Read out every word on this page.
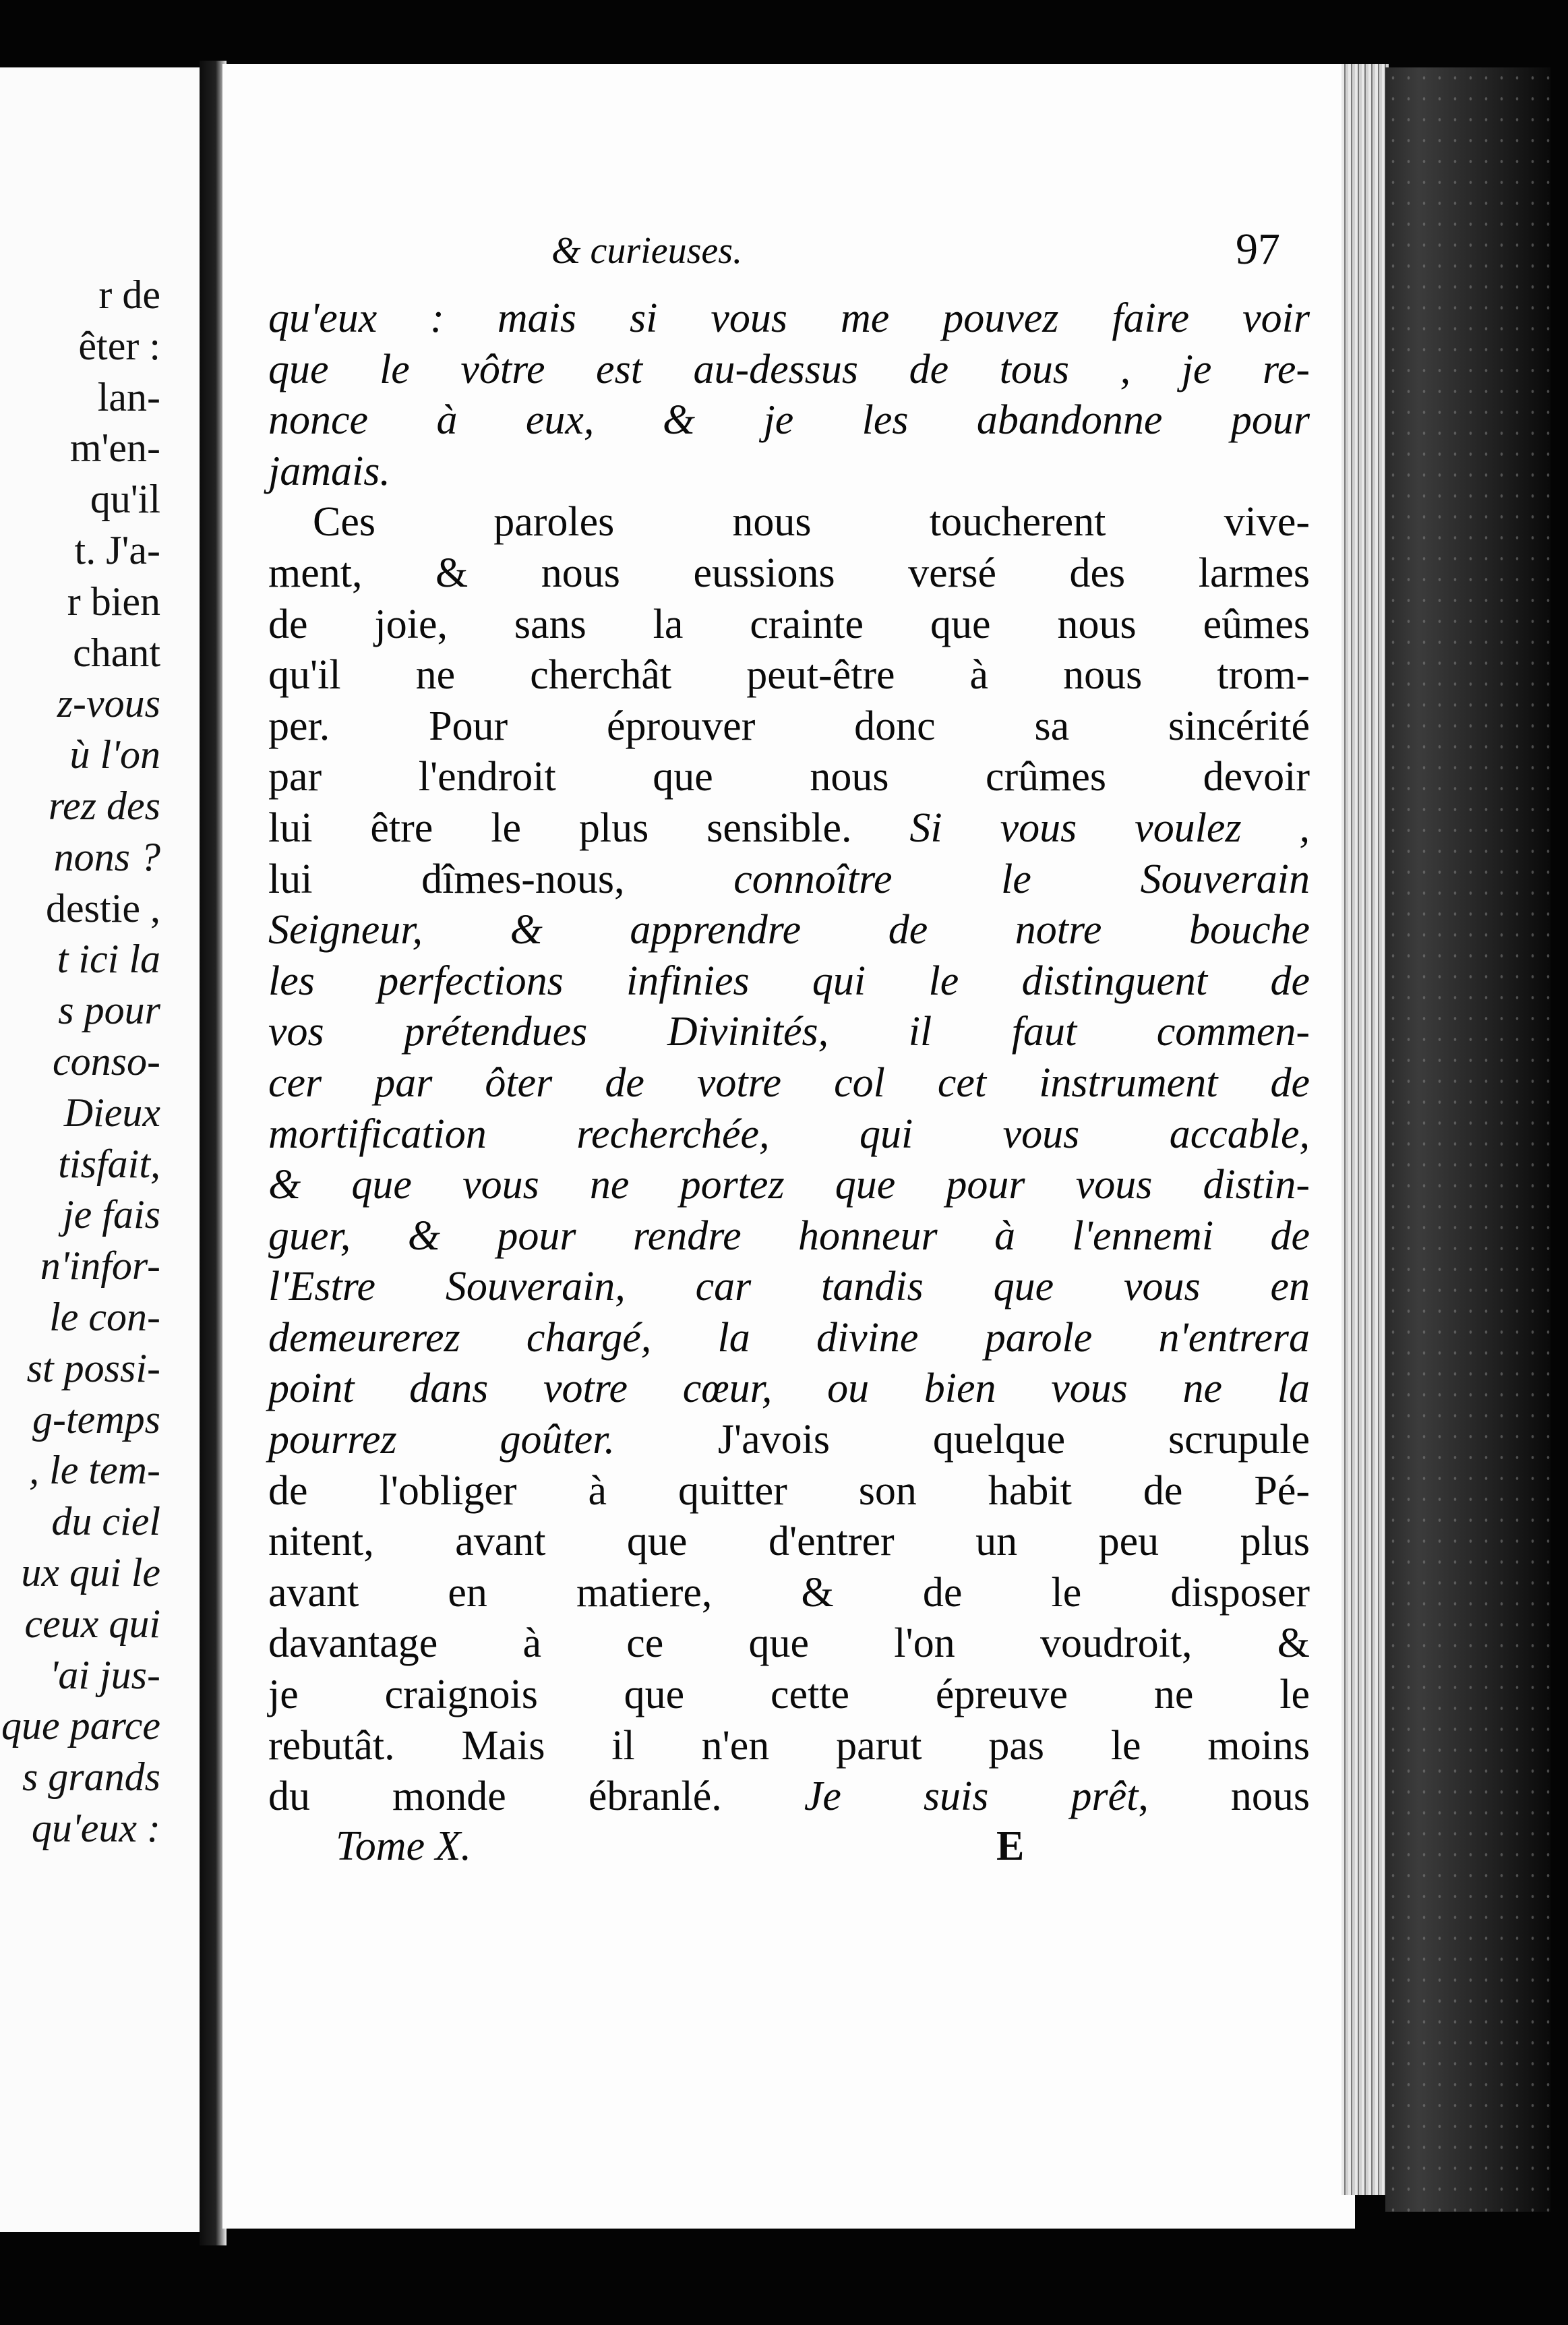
r de
êter :
lan-
m'en-
qu'il
t. J'a-
r bien
chant
z-vous
ù l'on
rez des
nons ?
destie ,
t ici la
s pour
conso-
Dieux
tisfait,
je fais
n'infor-
le con-
st possi-
g-temps
, le tem-
du ciel
ux qui le
ceux qui
'ai jus-
que parce
s grands
qu'eux :
& curieuses.	97
qu'eux : mais si vous me pouvez faire voir
que le vôtre est au-dessus de tous , je re-
nonce à eux, & je les abandonne pour
jamais.
Ces paroles nous toucherent vive-
ment, & nous eussions versé des larmes
de joie, sans la crainte que nous eûmes
qu'il ne cherchât peut-être à nous trom-
per. Pour éprouver donc sa sincérité
par l'endroit que nous crûmes devoir
lui être le plus sensible. Si vous voulez ,
lui dîmes-nous, connoître le Souverain
Seigneur, & apprendre de notre bouche
les perfections infinies qui le distinguent de
vos prétendues Divinités, il faut commen-
cer par ôter de votre col cet instrument de
mortification recherchée, qui vous accable,
& que vous ne portez que pour vous distin-
guer, & pour rendre honneur à l'ennemi de
l'Estre Souverain, car tandis que vous en
demeurerez chargé, la divine parole n'entrera
point dans votre cœur, ou bien vous ne la
pourrez goûter. J'avois quelque scrupule
de l'obliger à quitter son habit de Pé-
nitent, avant que d'entrer un peu plus
avant en matiere, & de le disposer
davantage à ce que l'on voudroit, &
je craignois que cette épreuve ne le
rebutât. Mais il n'en parut pas le moins
du monde ébranlé. Je suis prêt, nous
Tome X.	E
